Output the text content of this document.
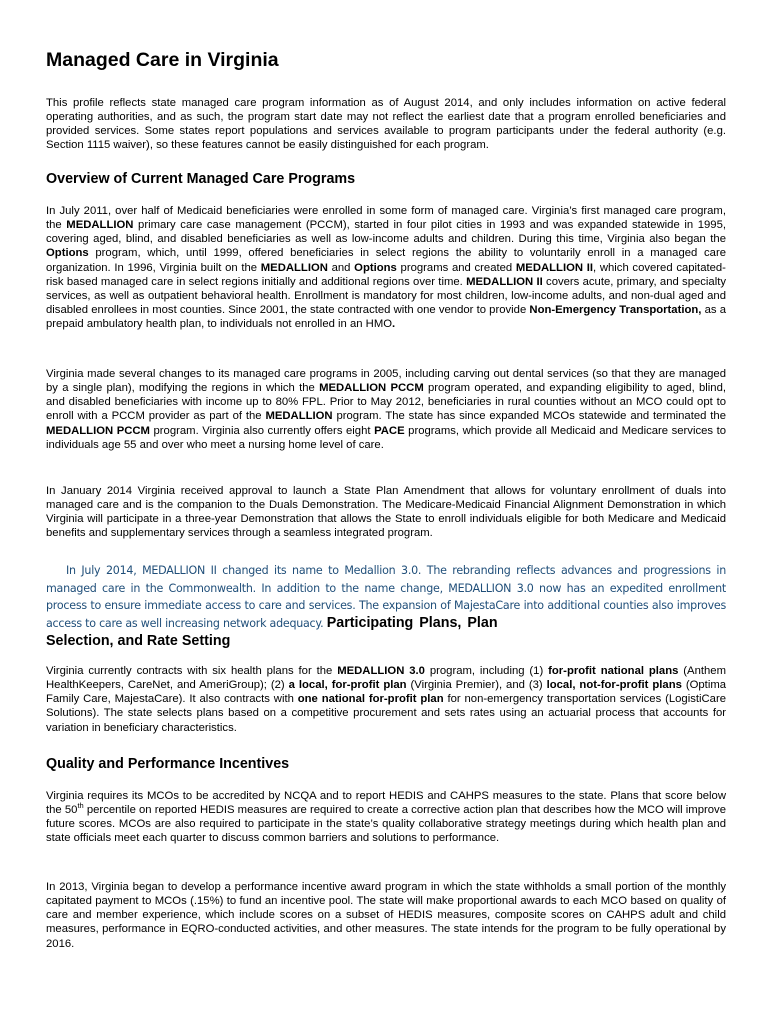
Managed Care in Virginia

This profile reflects state managed care program information as of August 2014, and only includes information on active federal operating authorities, and as such, the program start date may not reflect the earliest date that a program enrolled beneficiaries and provided services. Some states report populations and services available to program participants under the federal authority (e.g. Section 1115 waiver), so these features cannot be easily distinguished for each program.

Overview of Current Managed Care Programs

In July 2011, over half of Medicaid beneficiaries were enrolled in some form of managed care. Virginia’s first managed care program, the MEDALLION primary care case management (PCCM), started in four pilot cities in 1993 and was expanded statewide in 1995, covering aged, blind, and disabled beneficiaries as well as low-income adults and children. During this time, Virginia also began the Options program, which, until 1999, offered beneficiaries in select regions the ability to voluntarily enroll in a managed care organization. In 1996, Virginia built on the MEDALLION and Options programs and created MEDALLION II, which covered capitated-risk based managed care in select regions initially and additional regions over time. MEDALLION II covers acute, primary, and specialty services, as well as outpatient behavioral health. Enrollment is mandatory for most children, low-income adults, and non-dual aged and disabled enrollees in most counties. Since 2001, the state contracted with one vendor to provide Non-Emergency Transportation, as a prepaid ambulatory health plan, to individuals not enrolled in an HMO.

Virginia made several changes to its managed care programs in 2005, including carving out dental services (so that they are managed by a single plan), modifying the regions in which the MEDALLION PCCM program operated, and expanding eligibility to aged, blind, and disabled beneficiaries with income up to 80% FPL. Prior to May 2012, beneficiaries in rural counties without an MCO could opt to enroll with a PCCM provider as part of the MEDALLION program. The state has since expanded MCOs statewide and terminated the MEDALLION PCCM program. Virginia also currently offers eight PACE programs, which provide all Medicaid and Medicare services to individuals age 55 and over who meet a nursing home level of care.

In January 2014 Virginia received approval to launch a State Plan Amendment that allows for voluntary enrollment of duals into managed care and is the companion to the Duals Demonstration. The Medicare-Medicaid Financial Alignment Demonstration in which Virginia will participate in a three-year Demonstration that allows the State to enroll individuals eligible for both Medicare and Medicaid benefits and supplementary services through a seamless integrated program.

In July 2014, MEDALLION II changed its name to Medallion 3.0. The rebranding reflects advances and progressions in managed care in the Commonwealth. In addition to the name change, MEDALLION 3.0 now has an expedited enrollment process to ensure immediate access to care and services. The expansion of MajestaCare into additional counties also improves access to care as well increasing network adequacy. Participating Plans, Plan

Selection, and Rate Setting

Virginia currently contracts with six health plans for the MEDALLION 3.0 program, including (1) for-profit national plans (Anthem HealthKeepers, CareNet, and AmeriGroup); (2) a local, for-profit plan (Virginia Premier), and (3) local, not-for-profit plans (Optima Family Care, MajestaCare). It also contracts with one national for-profit plan for non-emergency transportation services (LogistiCare Solutions). The state selects plans based on a competitive procurement and sets rates using an actuarial process that accounts for variation in beneficiary characteristics.

Quality and Performance Incentives

Virginia requires its MCOs to be accredited by NCQA and to report HEDIS and CAHPS measures to the state. Plans that score below the 50th percentile on reported HEDIS measures are required to create a corrective action plan that describes how the MCO will improve future scores. MCOs are also required to participate in the state’s quality collaborative strategy meetings during which health plan and state officials meet each quarter to discuss common barriers and solutions to performance.

In 2013, Virginia began to develop a performance incentive award program in which the state withholds a small portion of the monthly capitated payment to MCOs (.15%) to fund an incentive pool. The state will make proportional awards to each MCO based on quality of care and member experience, which include scores on a subset of HEDIS measures, composite scores on CAHPS adult and child measures, performance in EQRO-conducted activities, and other measures. The state intends for the program to be fully operational by 2016.
